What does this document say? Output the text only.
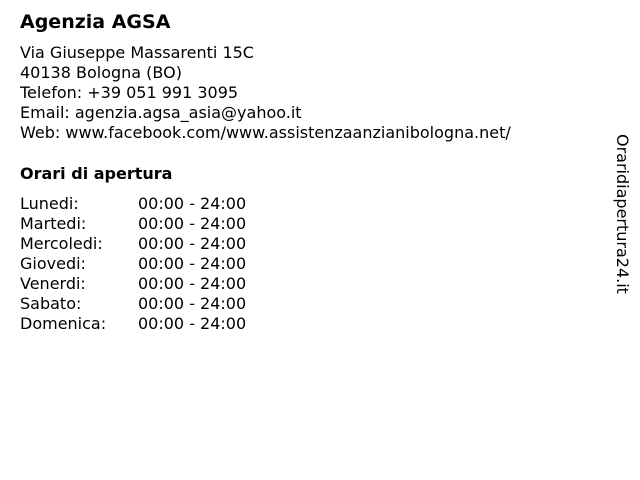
Agenzia AGSA
Via Giuseppe Massarenti 15C
40138 Bologna (BO)
Telefon: +39 051 991 3095
Email: agenzia.agsa_asia@yahoo.it
Web: www.facebook.com/www.assistenzaanzianibologna.net/
Orari di apertura
Lunedi:	00:00 - 24:00
Martedi:	00:00 - 24:00
Mercoledi: 00:00 - 24:00
Giovedi:	00:00 - 24:00
Venerdi:	00:00 - 24:00
Sabato:	00:00 - 24:00
Domenica: 00:00 - 24:00
Oraridiapertura24.it
